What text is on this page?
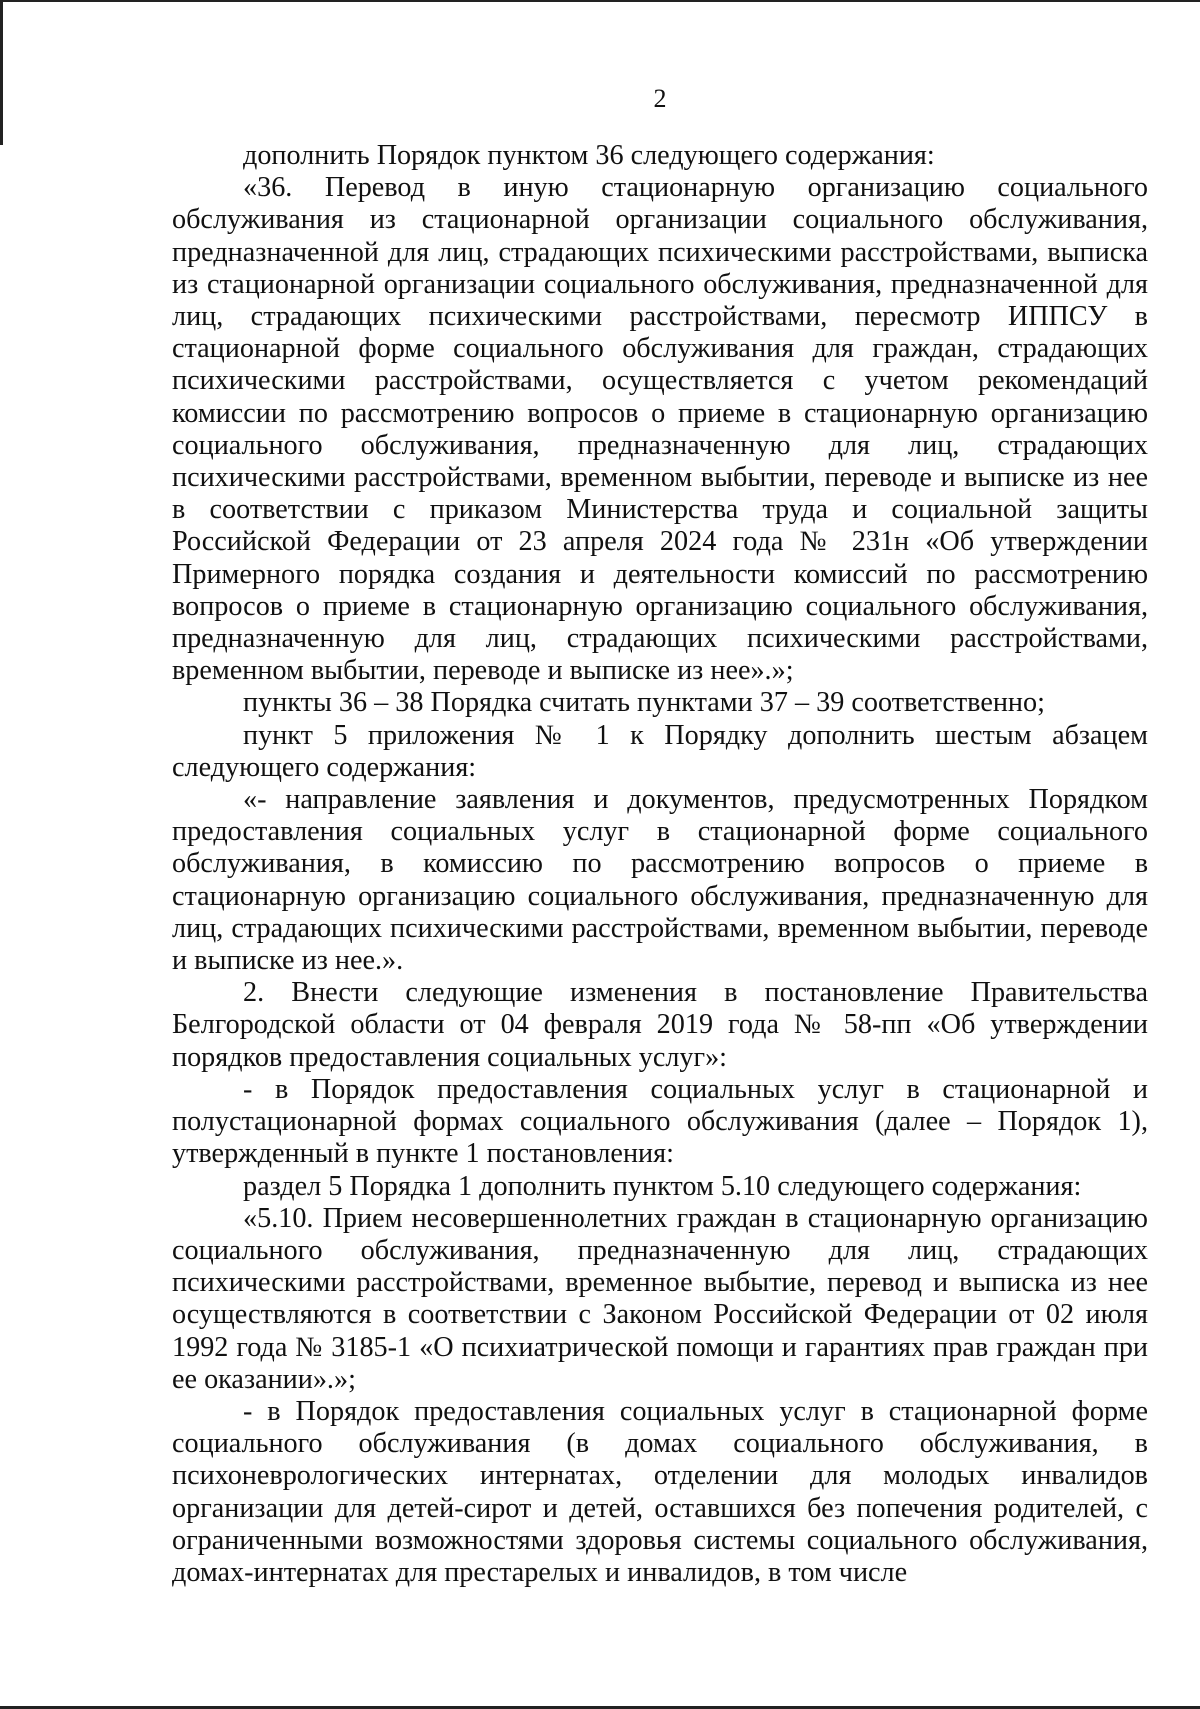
2

дополнить Порядок пунктом 36 следующего содержания:

«36. Перевод в иную стационарную организацию социального обслуживания из стационарной организации социального обслуживания, предназначенной для лиц, страдающих психическими расстройствами, выписка из стационарной организации социального обслуживания, предназначенной для лиц, страдающих психическими расстройствами, пересмотр ИППСУ в стационарной форме социального обслуживания для граждан, страдающих психическими расстройствами, осуществляется с учетом рекомендаций комиссии по рассмотрению вопросов о приеме в стационарную организацию социального обслуживания, предназначенную для лиц, страдающих психическими расстройствами, временном выбытии, переводе и выписке из нее в соответствии с приказом Министерства труда и социальной защиты Российской Федерации от 23 апреля 2024 года № 231н «Об утверждении Примерного порядка создания и деятельности комиссий по рассмотрению вопросов о приеме в стационарную организацию социального обслуживания, предназначенную для лиц, страдающих психическими расстройствами, временном выбытии, переводе и выписке из нее».»;

пункты 36 – 38 Порядка считать пунктами 37 – 39 соответственно;

пункт 5 приложения № 1 к Порядку дополнить шестым абзацем следующего содержания:

«- направление заявления и документов, предусмотренных Порядком предоставления социальных услуг в стационарной форме социального обслуживания, в комиссию по рассмотрению вопросов о приеме в стационарную организацию социального обслуживания, предназначенную для лиц, страдающих психическими расстройствами, временном выбытии, переводе и выписке из нее.».

2. Внести следующие изменения в постановление Правительства Белгородской области от 04 февраля 2019 года № 58-пп «Об утверждении порядков предоставления социальных услуг»:

- в Порядок предоставления социальных услуг в стационарной и полустационарной формах социального обслуживания (далее – Порядок 1), утвержденный в пункте 1 постановления:

раздел 5 Порядка 1 дополнить пунктом 5.10 следующего содержания:

«5.10. Прием несовершеннолетних граждан в стационарную организацию социального обслуживания, предназначенную для лиц, страдающих психическими расстройствами, временное выбытие, перевод и выписка из нее осуществляются в соответствии с Законом Российской Федерации от 02 июля 1992 года № 3185-1 «О психиатрической помощи и гарантиях прав граждан при ее оказании».»;

- в Порядок предоставления социальных услуг в стационарной форме социального обслуживания (в домах социального обслуживания, в психоневрологических интернатах, отделении для молодых инвалидов организации для детей-сирот и детей, оставшихся без попечения родителей, с ограниченными возможностями здоровья системы социального обслуживания, домах-интернатах для престарелых и инвалидов, в том числе
